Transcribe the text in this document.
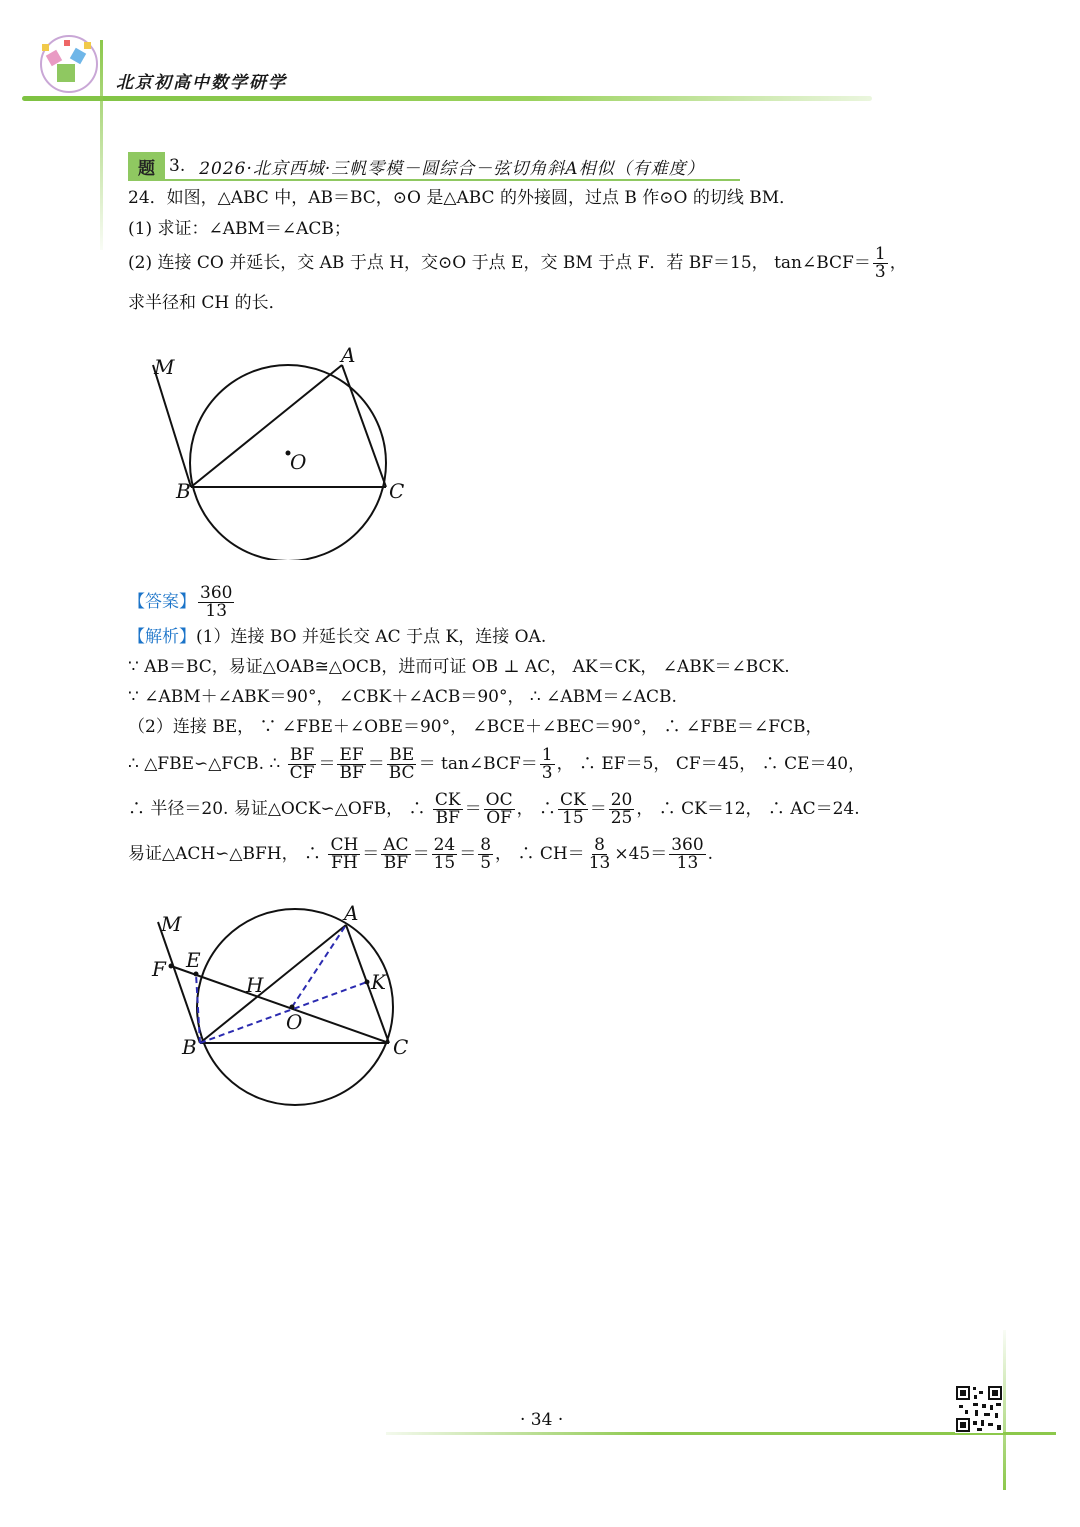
北京初高中数学研学
题 3. 2026·北京西城·三帆零模－圆综合－弦切角斜A相似（有难度）
24．如图，△ABC 中，AB＝BC，⊙O 是△ABC 的外接圆，过点 B 作⊙O 的切线 BM．
(1) 求证：∠ABM＝∠ACB；
(2) 连接 CO 并延长，交 AB 于点 H，交⊙O 于点 E，交 BM 于点 F．若 BF＝15， tan∠BCF＝ $\frac{1}{3}$ ，
求半径和 CH 的长．
M	A
O
B	C
【答案】 $\frac{360}{13}$
【解析】(1）连接 BO 并延长交 AC 于点 K，连接 OA.
∵ AB＝BC，易证△OAB≅△OCB，进而可证 OB ⊥ AC， AK＝CK， ∠ABK＝∠BCK.
∵ ∠ABM＋∠ABK＝90°， ∠CBK＋∠ACB＝90°， ∴ ∠ABM＝∠ACB.
（2）连接 BE， ∵ ∠FBE＋∠OBE＝90°， ∠BCE＋∠BEC＝90°， ∴ ∠FBE＝∠FCB，
∴ △FBE∽△FCB. ∴ $\frac{BF}{CF} = \frac{EF}{BF} = \frac{BE}{BC}$ ＝ tan∠BCF＝ $\frac{1}{3}$ ， ∴ EF＝5， CF＝45， ∴ CE＝40，
∴ 半径＝20. 易证△OCK∽△OFB， ∴ $\frac{CK}{BF} = \frac{OC}{OF}$ ， ∴ $\frac{CK}{15} = \frac{20}{25}$ ， ∴ CK＝12， ∴ AC＝24.
易证△ACH∽△BFH， ∴ $\frac{CH}{FH} = \frac{AC}{BF} = \frac{24}{15} = \frac{8}{5}$ ， ∴ $CH= \frac{8}{13} \times 45= \frac{360}{13}$ .
M	A
E
F
H	K
O
B	C
· 34 ·
